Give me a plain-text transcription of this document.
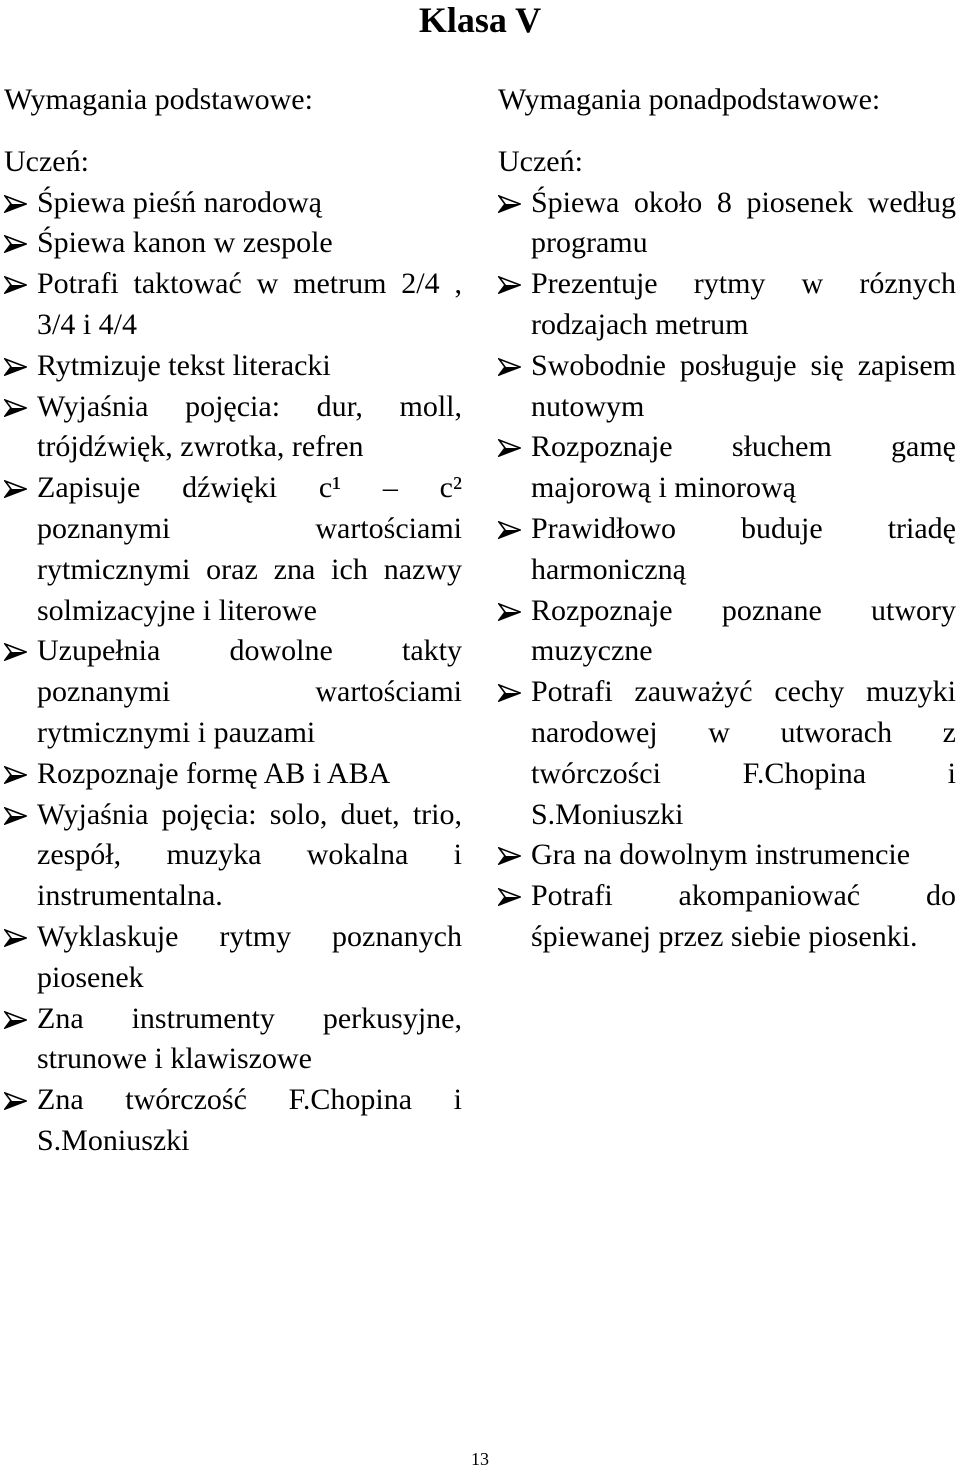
Klasa V
Wymagania podstawowe:

Uczeń:

Śpiewa pieśń narodową
Śpiewa kanon w zespole
Potrafi taktować w metrum 2/4 , 3/4 i 4/4
Rytmizuje tekst literacki
Wyjaśnia pojęcia: dur, moll, trójdźwięk, zwrotka, refren
Zapisuje dźwięki c¹ – c² poznanymi wartościami rytmicznymi oraz zna ich nazwy solmizacyjne i literowe
Uzupełnia dowolne takty poznanymi wartościami rytmicznymi i pauzami
Rozpoznaje formę AB i ABA
Wyjaśnia pojęcia: solo, duet, trio, zespół, muzyka wokalna i instrumentalna.
Wyklaskuje rytmy poznanych piosenek
Zna instrumenty perkusyjne, strunowe i klawiszowe
Zna twórczość F.Chopina i S.Moniuszki
Wymagania ponadpodstawowe:

Uczeń:

Śpiewa około 8 piosenek według programu
Prezentuje rytmy w róznych rodzajach metrum
Swobodnie posługuje się zapisem nutowym
Rozpoznaje słuchem gamę majorową i minorową
Prawidłowo buduje triadę harmoniczną
Rozpoznaje poznane utwory muzyczne
Potrafi zauważyć cechy muzyki narodowej w utworach z twórczości F.Chopina i S.Moniuszki
Gra na dowolnym instrumencie
Potrafi akompaniować do śpiewanej przez siebie piosenki.
13
